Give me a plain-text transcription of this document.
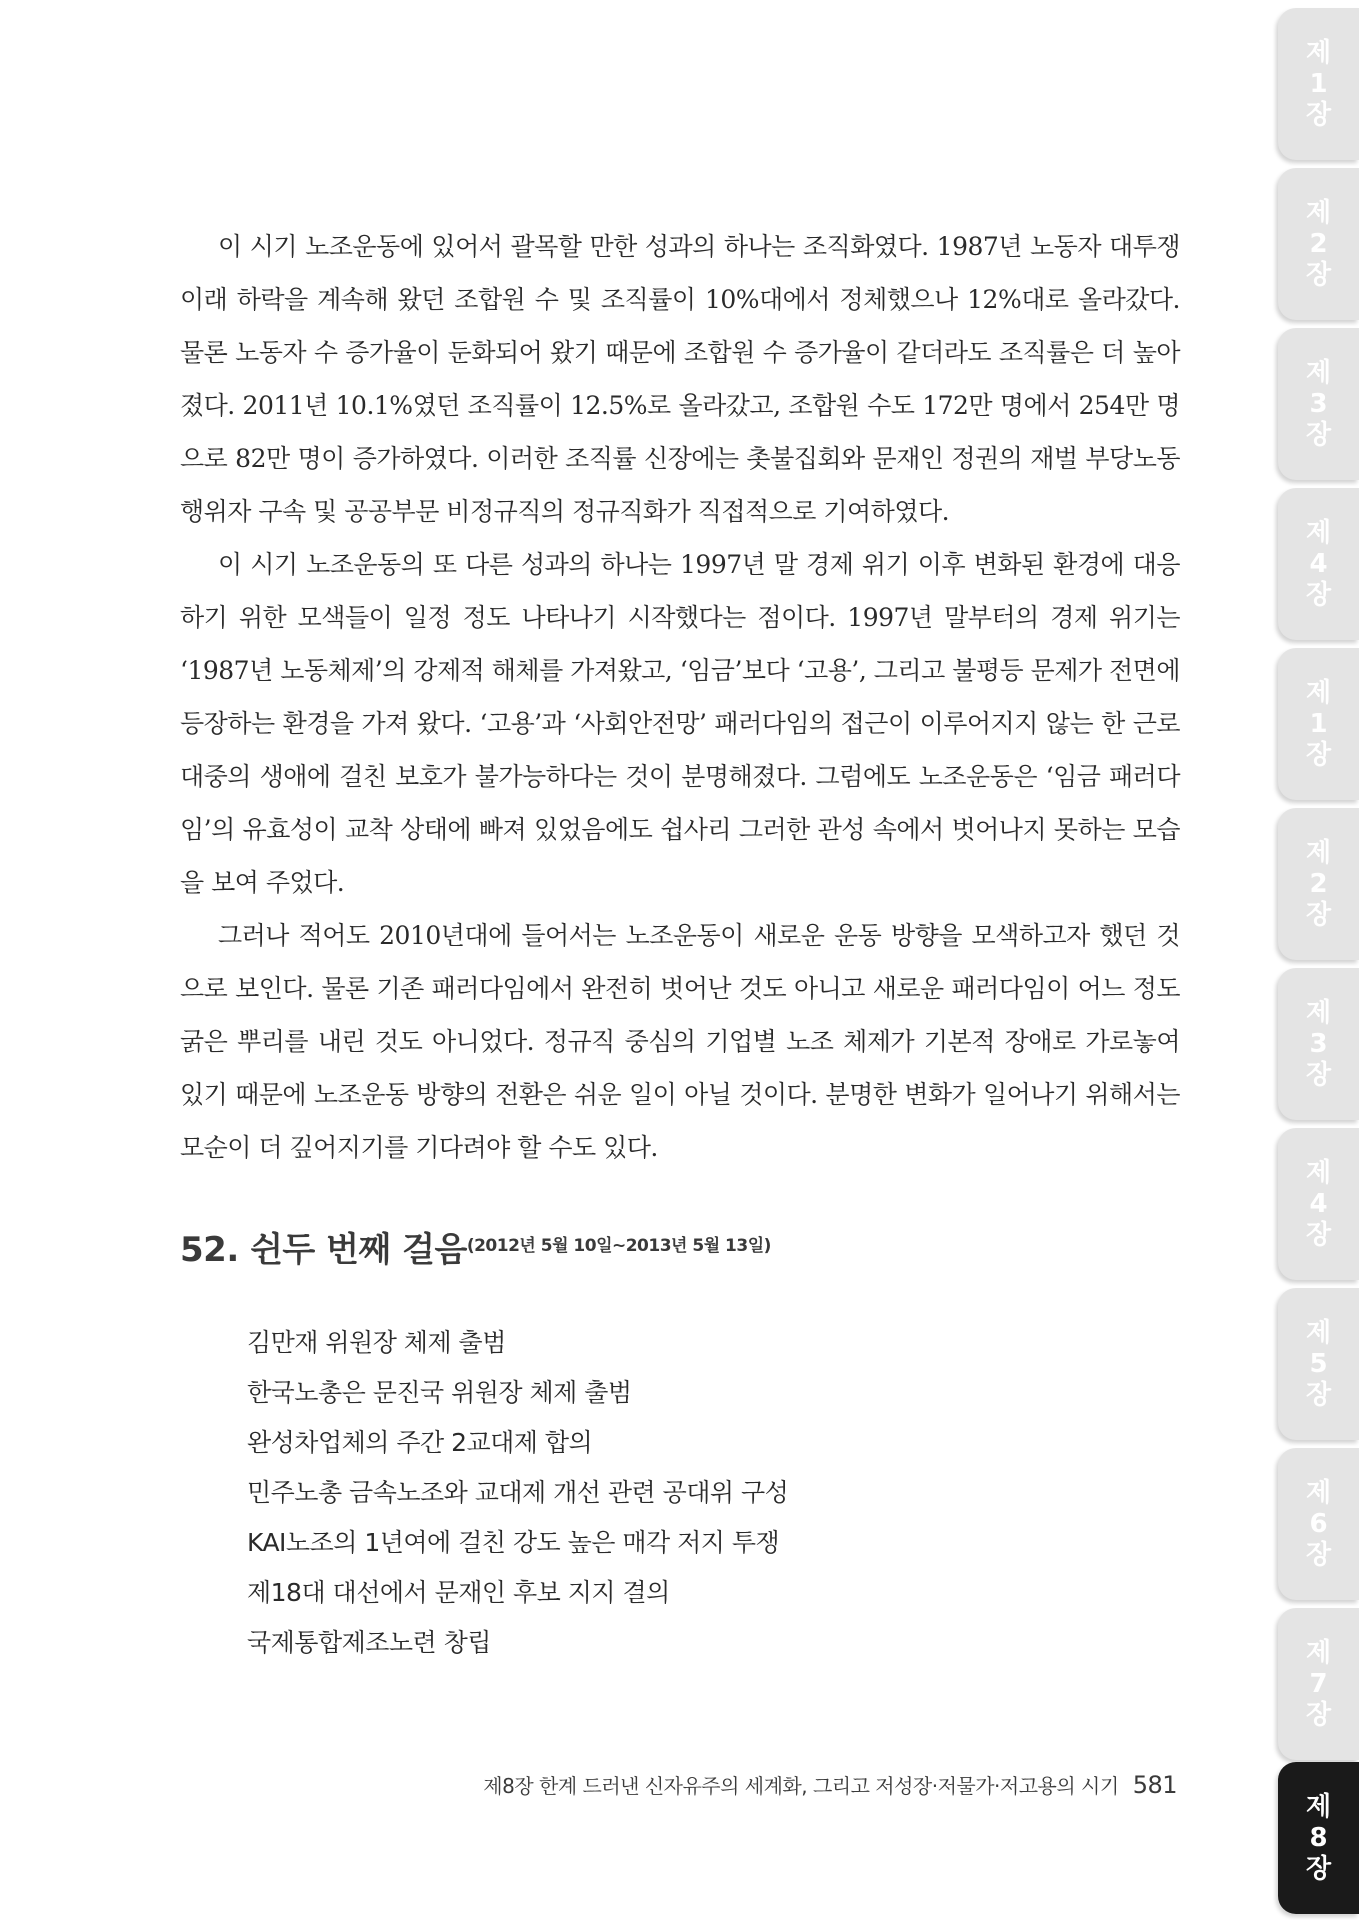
이 시기 노조운동에 있어서 괄목할 만한 성과의 하나는 조직화였다. 1987년 노동자 대투쟁 이래 하락을 계속해 왔던 조합원 수 및 조직률이 10%대에서 정체했으나 12%대로 올라갔다. 물론 노동자 수 증가율이 둔화되어 왔기 때문에 조합원 수 증가율이 같더라도 조직률은 더 높아졌다. 2011년 10.1%였던 조직률이 12.5%로 올라갔고, 조합원 수도 172만 명에서 254만 명으로 82만 명이 증가하였다. 이러한 조직률 신장에는 촛불집회와 문재인 정권의 재벌 부당노동행위자 구속 및 공공부문 비정규직의 정규직화가 직접적으로 기여하였다.

이 시기 노조운동의 또 다른 성과의 하나는 1997년 말 경제 위기 이후 변화된 환경에 대응하기 위한 모색들이 일정 정도 나타나기 시작했다는 점이다. 1997년 말부터의 경제 위기는 ‘1987년 노동체제’의 강제적 해체를 가져왔고, ‘임금’보다 ‘고용’, 그리고 불평등 문제가 전면에 등장하는 환경을 가져 왔다. ‘고용’과 ‘사회안전망’ 패러다임의 접근이 이루어지지 않는 한 근로대중의 생애에 걸친 보호가 불가능하다는 것이 분명해졌다. 그럼에도 노조운동은 ‘임금 패러다임’의 유효성이 교착 상태에 빠져 있었음에도 쉽사리 그러한 관성 속에서 벗어나지 못하는 모습을 보여 주었다.

그러나 적어도 2010년대에 들어서는 노조운동이 새로운 운동 방향을 모색하고자 했던 것으로 보인다. 물론 기존 패러다임에서 완전히 벗어난 것도 아니고 새로운 패러다임이 어느 정도 굵은 뿌리를 내린 것도 아니었다. 정규직 중심의 기업별 노조 체제가 기본적 장애로 가로놓여 있기 때문에 노조운동 방향의 전환은 쉬운 일이 아닐 것이다. 분명한 변화가 일어나기 위해서는 모순이 더 깊어지기를 기다려야 할 수도 있다.

52. 쉰두 번째 걸음(2012년 5월 10일~2013년 5월 13일)
김만재 위원장 체제 출범
한국노총은 문진국 위원장 체제 출범
완성차업체의 주간 2교대제 합의
민주노총 금속노조와 교대제 개선 관련 공대위 구성
KAI노조의 1년여에 걸친 강도 높은 매각 저지 투쟁
제18대 대선에서 문재인 후보 지지 결의
국제통합제조노련 창립
제8장 한계 드러낸 신자유주의 세계화, 그리고 저성장·저물가·저고용의 시기 581
제
1
장
제
2
장
제
3
장
제
4
장
제
1
장
제
2
장
제
3
장
제
4
장
제
5
장
제
6
장
제
7
장
제
8
장
